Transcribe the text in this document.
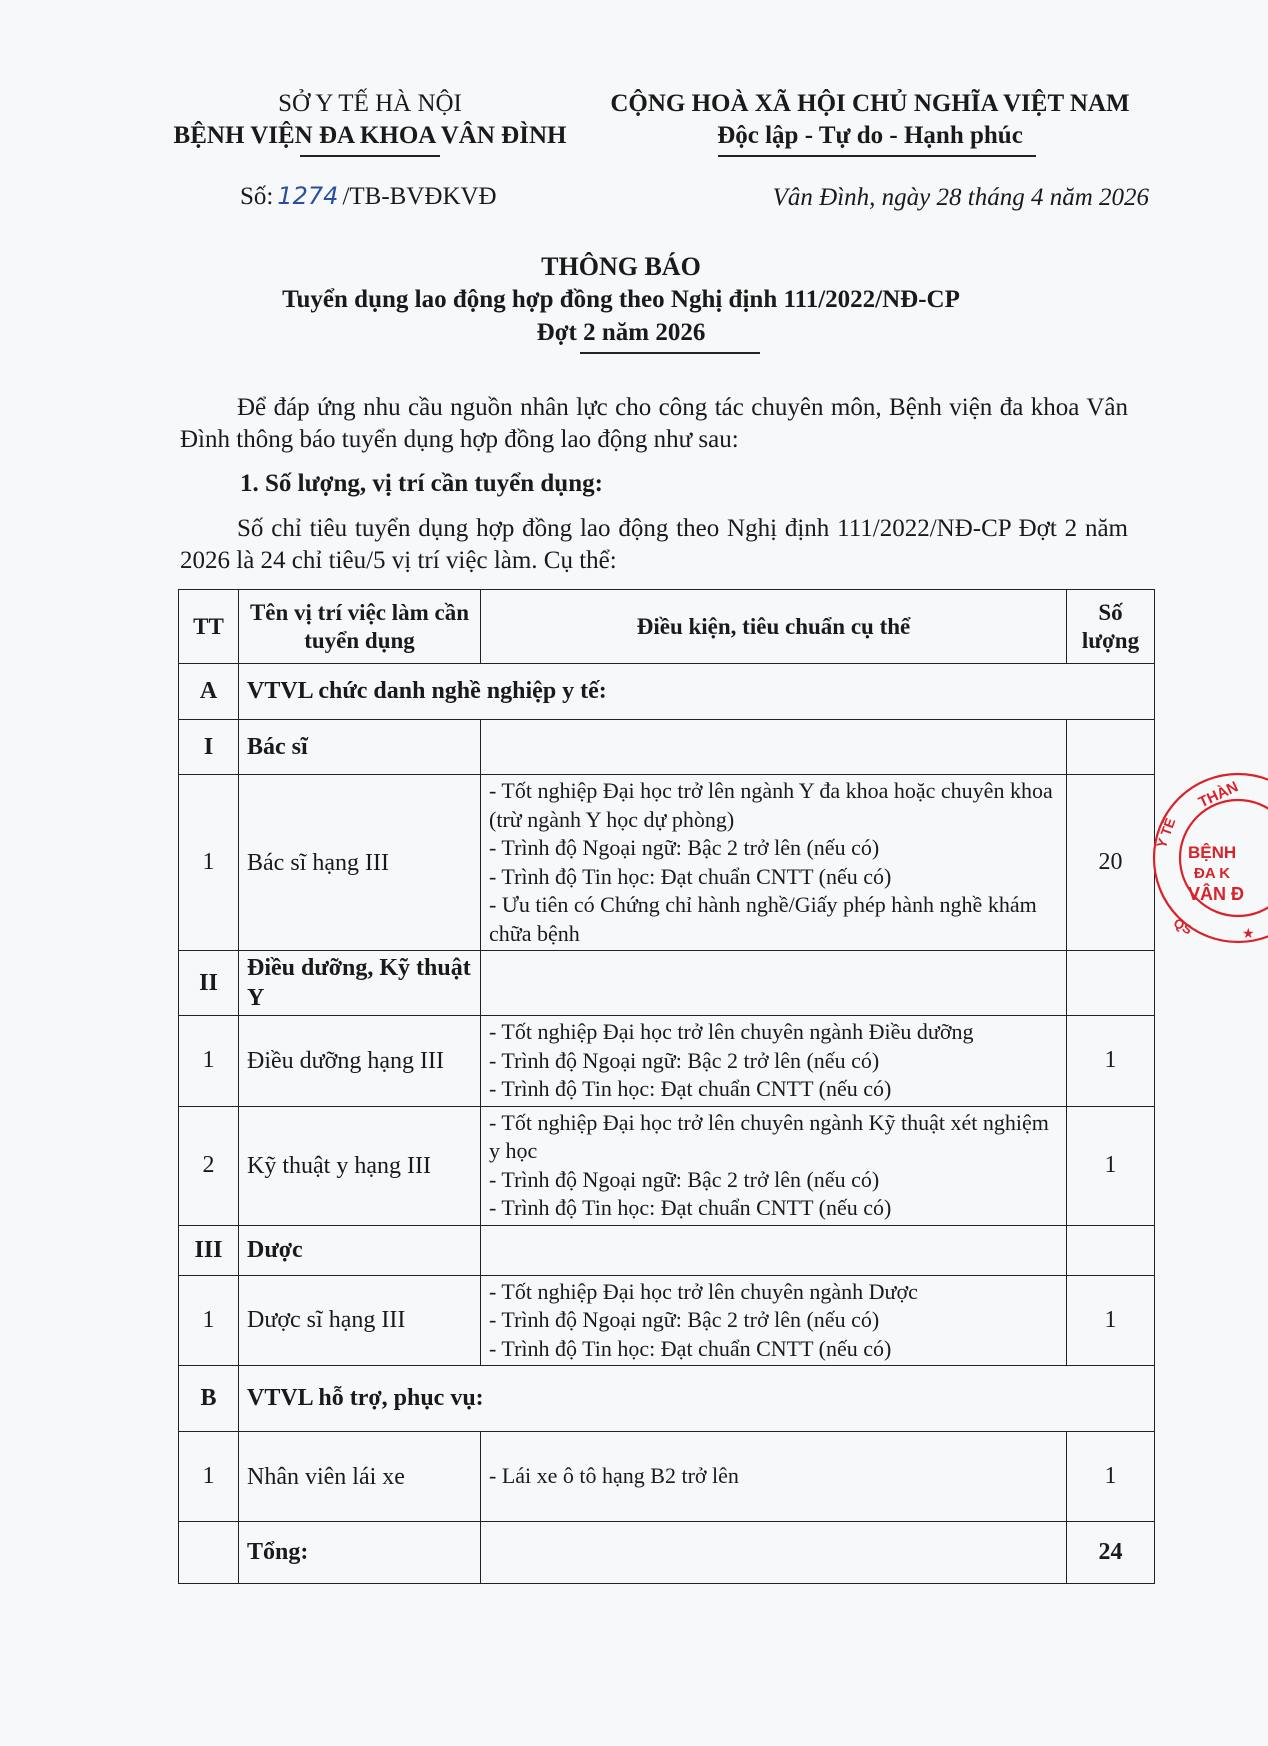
SỞ Y TẾ HÀ NỘI
BỆNH VIỆN ĐA KHOA VÂN ĐÌNH
CỘNG HOÀ XÃ HỘI CHỦ NGHĨA VIỆT NAM
Độc lập - Tự do - Hạnh phúc
Số: 1274 /TB-BVĐKVĐ	Vân Đình, ngày 28 tháng 4 năm 2026
THÔNG BÁO
Tuyển dụng lao động hợp đồng theo Nghị định 111/2022/NĐ-CP
Đợt 2 năm 2026
Để đáp ứng nhu cầu nguồn nhân lực cho công tác chuyên môn, Bệnh viện đa khoa Vân Đình thông báo tuyển dụng hợp đồng lao động như sau:
1. Số lượng, vị trí cần tuyển dụng:
Số chỉ tiêu tuyển dụng hợp đồng lao động theo Nghị định 111/2022/NĐ-CP Đợt 2 năm 2026 là 24 chỉ tiêu/5 vị trí việc làm. Cụ thể:
TT	Tên vị trí việc làm cần tuyển dụng	Điều kiện, tiêu chuẩn cụ thể	Số lượng
A	VTVL chức danh nghề nghiệp y tế:		
I	Bác sĩ		
1	Bác sĩ hạng III	- Tốt nghiệp Đại học trở lên ngành Y đa khoa hoặc chuyên khoa (trừ ngành Y học dự phòng)
- Trình độ Ngoại ngữ: Bậc 2 trở lên (nếu có)
- Trình độ Tin học: Đạt chuẩn CNTT (nếu có)
- Ưu tiên có Chứng chỉ hành nghề/Giấy phép hành nghề khám chữa bệnh	20
II	Điều dưỡng, Kỹ thuật Y		
1	Điều dưỡng hạng III	- Tốt nghiệp Đại học trở lên chuyên ngành Điều dưỡng
- Trình độ Ngoại ngữ: Bậc 2 trở lên (nếu có)
- Trình độ Tin học: Đạt chuẩn CNTT (nếu có)	1
2	Kỹ thuật y hạng III	- Tốt nghiệp Đại học trở lên chuyên ngành Kỹ thuật xét nghiệm y học
- Trình độ Ngoại ngữ: Bậc 2 trở lên (nếu có)
- Trình độ Tin học: Đạt chuẩn CNTT (nếu có)	1
III	Dược		
1	Dược sĩ hạng III	- Tốt nghiệp Đại học trở lên chuyên ngành Dược
- Trình độ Ngoại ngữ: Bậc 2 trở lên (nếu có)
- Trình độ Tin học: Đạt chuẩn CNTT (nếu có)	1
B	VTVL hỗ trợ, phục vụ:		
1	Nhân viên lái xe	- Lái xe ô tô hạng B2 trở lên	1
	Tổng:		24
THÀN
Y TẾ
BỆNH
ĐA K
VÂN Đ
QS	★
